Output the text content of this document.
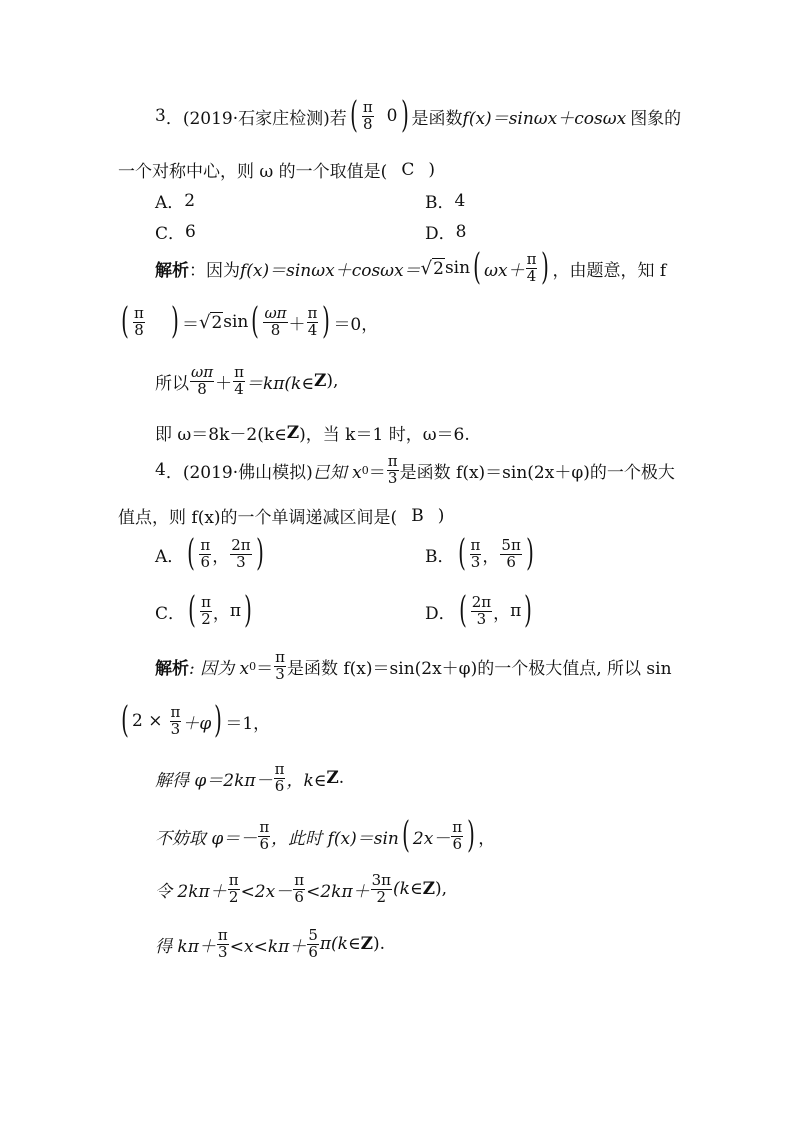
3 ． (2019·石家庄检测) 若 ( $\frac{\pi}{8} 0$ ) 是函数 f(x)＝sinωx＋cosωx 图象的
一个对称中心，则 ω 的一个取值是( C )
A． 2	B． 4
C． 6	D． 8
解析 ：因为 f(x)＝sinωx＋cosωx＝ √ 2 sin ( $\omega x+ \frac{\pi}{4}$ ) ，由题意，知 f
( $\frac{\pi}{8}$ ) ＝ √ 2 sin ( $\frac{\omega\pi}{8} + \frac{\pi}{4}$ ) ＝0，
所以 $\frac{\omega\pi}{8} + \frac{\pi}{4}$ ＝kπ(k∈ Z ),
即 ω＝8k－2(k∈ Z )，当 k＝1 时，ω＝6.
4 ． (2019·佛山模拟) 已知 x $0 = \frac{\pi}{3}$ 是函数 f(x)＝sin(2x＋φ)的一个极大
值点，则 f(x)的一个单调递减区间是( B )
A． ( $\frac{\pi}{6}$ ， $\frac{2\pi}{3}$ )	B． ( $\frac{\pi}{3}$ ， $\frac{5\pi}{6}$ )
C． ( $\frac{\pi}{2}$ ， π )	D． ( $\frac{2\pi}{3}$ ， π )
解析 : 因为 x $0 = \frac{\pi}{3}$ 是函数 f(x)＝sin(2x＋φ)的一个极大值点, 所以 sin
( $2 \times \frac{\pi}{3} +\varphi$ ) ＝1，
解得 $\varphi=2k\pi- \frac{\pi}{6}$ ，k∈ Z .
不妨取 $\varphi=- \frac{\pi}{6}$ ，此时 f(x)＝sin ( $2x- \frac{\pi}{6}$ ) ，
令 $2k\pi+ \frac{\pi}{2} <2x- \frac{\pi}{6} <2k\pi+ \frac{3\pi}{2}$ (k∈ Z ),
得 $k\pi+ \frac{\pi}{3} <x<k\pi+ \frac{5}{6}$ π(k∈ Z ).
